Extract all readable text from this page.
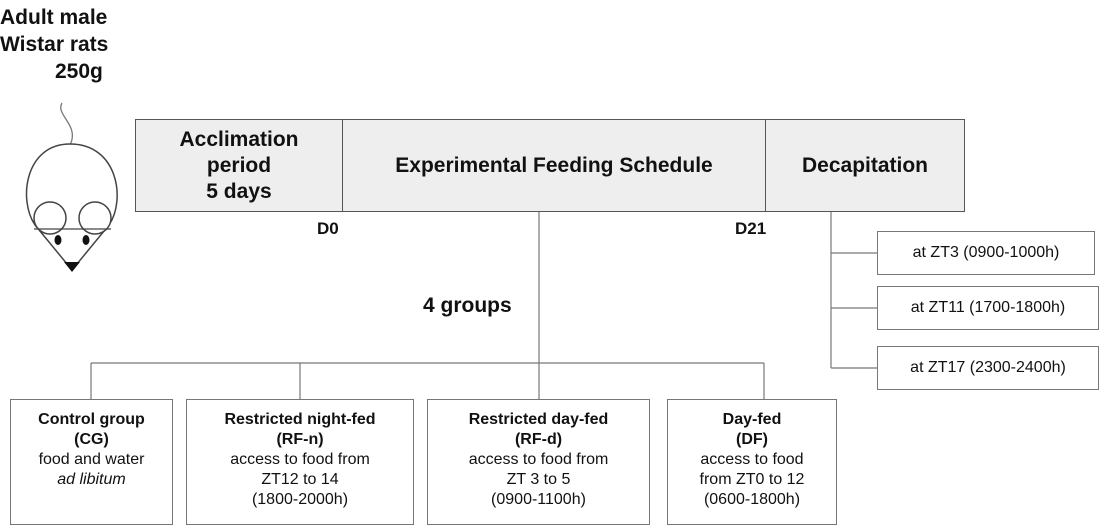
Adult male
Wistar rats
250g
Acclimation
period
5 days
Experimental Feeding Schedule	Decapitation
D0	D21
4 groups
Control group
(CG)
food and water
ad libitum
Restricted night-fed
(RF-n)
access to food from
ZT12 to 14
(1800-2000h)
Restricted day-fed
(RF-d)
access to food from
ZT 3 to 5
(0900-1100h)
Day-fed
(DF)
access to food
from ZT0 to 12
(0600-1800h)
at ZT3 (0900-1000h)
at ZT11 (1700-1800h)
at ZT17 (2300-2400h)
